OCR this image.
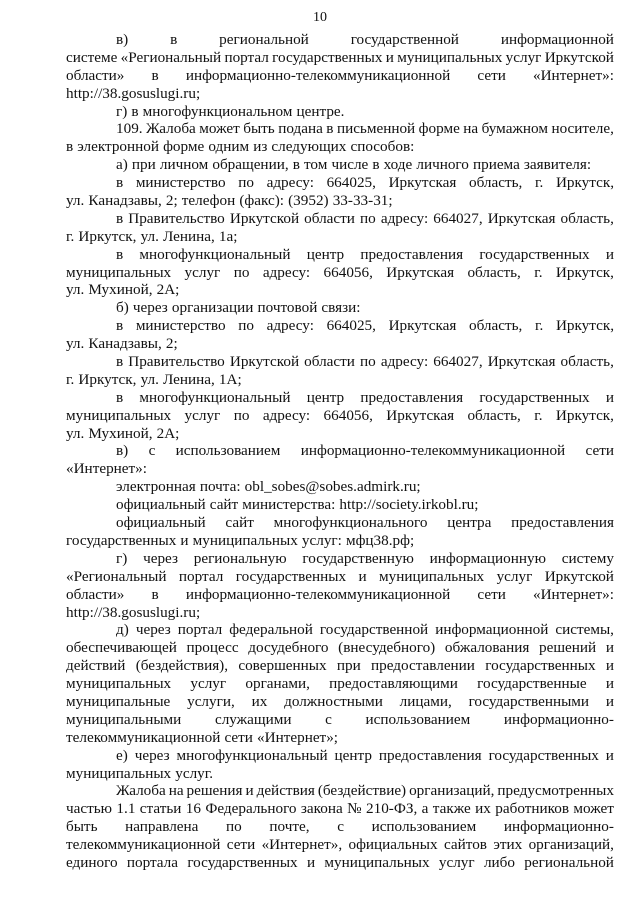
10
в)	в	региональной	государственной	информационной
системе «Региональный портал государственных и муниципальных услуг Иркутской
области» в информационно-телекоммуникационной сети «Интернет»:
http://38.gosuslugi.ru;
г) в многофункциональном центре.
109. Жалоба может быть подана в письменной форме на бумажном носителе,
в электронной форме одним из следующих способов:
а) при личном обращении, в том числе в ходе личного приема заявителя:
в министерство по адресу: 664025, Иркутская область, г. Иркутск,
ул. Канадзавы, 2; телефон (факс): (3952) 33-33-31;
в Правительство Иркутской области по адресу: 664027, Иркутская область,
г. Иркутск, ул. Ленина, 1а;
в многофункциональный центр предоставления государственных и
муниципальных услуг по адресу: 664056, Иркутская область, г. Иркутск,
ул. Мухиной, 2А;
б) через организации почтовой связи:
в министерство по адресу: 664025, Иркутская область, г. Иркутск,
ул. Канадзавы, 2;
в Правительство Иркутской области по адресу: 664027, Иркутская область,
г. Иркутск, ул. Ленина, 1А;
в многофункциональный центр предоставления государственных и
муниципальных услуг по адресу: 664056, Иркутская область, г. Иркутск,
ул. Мухиной, 2А;
в) с использованием информационно-телекоммуникационной сети
«Интернет»:
электронная почта: obl_sobes@sobes.admirk.ru;
официальный сайт министерства: http://society.irkobl.ru;
официальный сайт многофункционального центра предоставления
государственных и муниципальных услуг: мфц38.рф;
г) через региональную государственную информационную систему
«Региональный портал государственных и муниципальных услуг Иркутской
области» в информационно-телекоммуникационной сети «Интернет»:
http://38.gosuslugi.ru;
д) через портал федеральной государственной информационной системы,
обеспечивающей процесс досудебного (внесудебного) обжалования решений и
действий (бездействия), совершенных при предоставлении государственных и
муниципальных услуг органами, предоставляющими государственные и
муниципальные услуги, их должностными лицами, государственными и
муниципальными служащими с использованием информационно-
телекоммуникационной сети «Интернет»;
е) через многофункциональный центр предоставления государственных и
муниципальных услуг.
Жалоба на решения и действия (бездействие) организаций, предусмотренных
частью 1.1 статьи 16 Федерального закона № 210-ФЗ, а также их работников может
быть направлена по почте, с использованием информационно-
телекоммуникационной сети «Интернет», официальных сайтов этих организаций,
единого портала государственных и муниципальных услуг либо региональной
